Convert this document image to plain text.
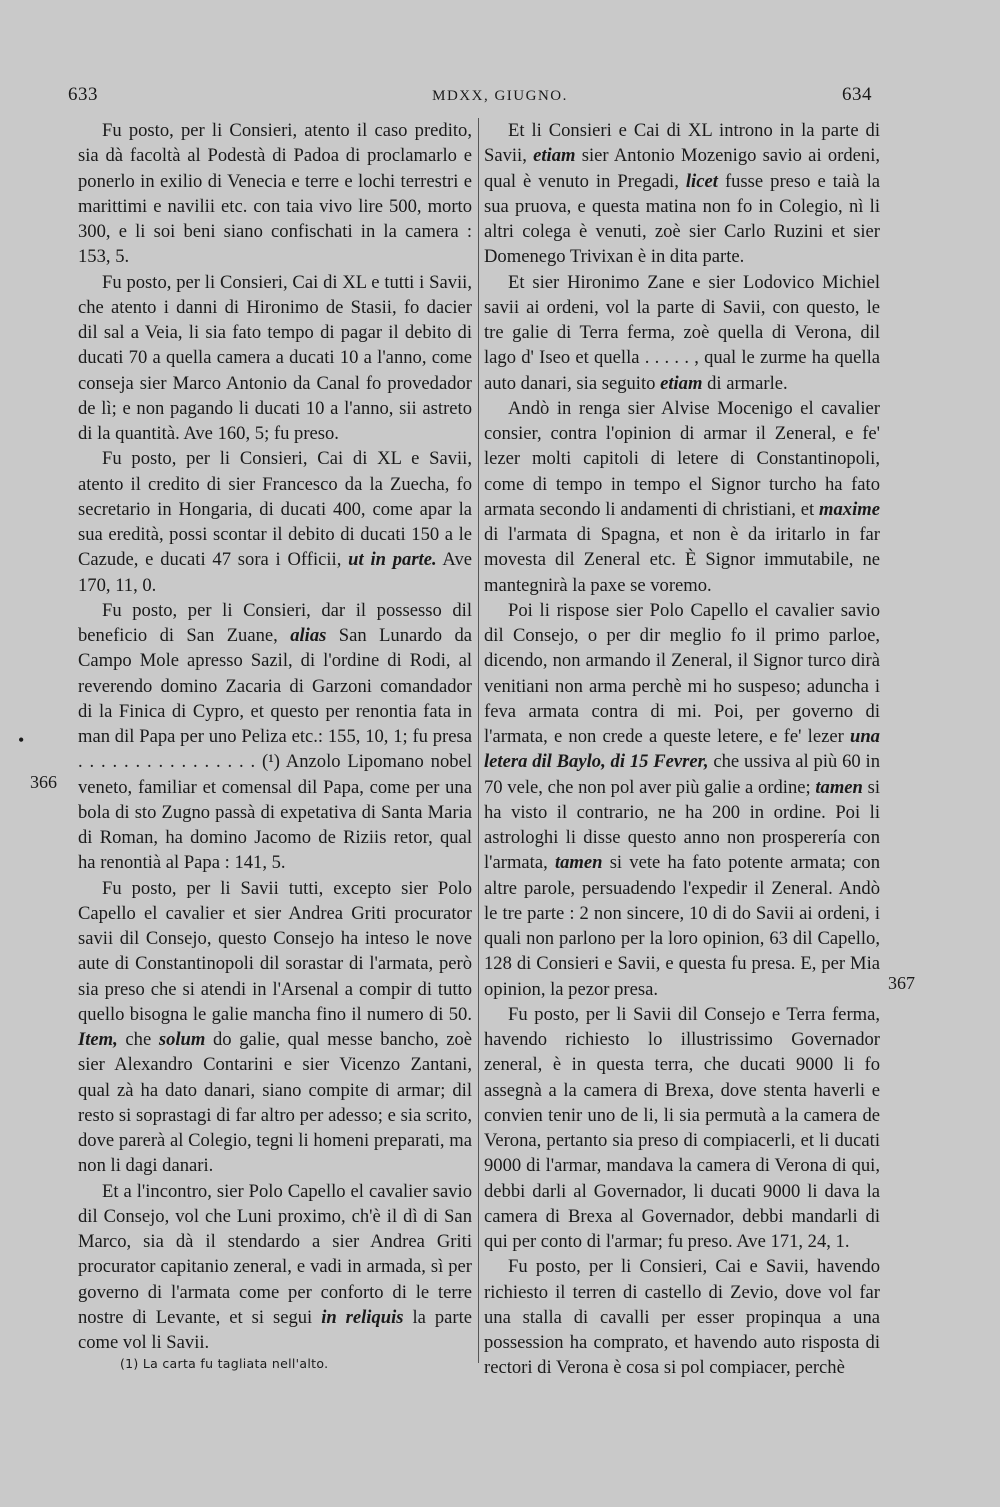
633	MDXX, GIUGNO.	634
•
366
367

Fu posto, per li Consieri, atento il caso predito, sia dà facoltà al Podestà di Padoa di proclamarlo e ponerlo in exilio di Venecia e terre e lochi terrestri e marittimi e navilii etc. con taia vivo lire 500, morto 300, e li soi beni siano confischati in la camera : 153, 5.

Fu posto, per li Consieri, Cai di XL e tutti i Savii, che atento i danni di Hironimo de Stasii, fo dacier dil sal a Veia, li sia fato tempo di pagar il debito di ducati 70 a quella camera a ducati 10 a l'anno, come conseja sier Marco Antonio da Canal fo provedador de lì; e non pagando li ducati 10 a l'anno, sii astreto di la quantità. Ave 160, 5; fu preso.

Fu posto, per li Consieri, Cai di XL e Savii, atento il credito di sier Francesco da la Zuecha, fo secretario in Hongaria, di ducati 400, come apar la sua eredità, possi scontar il debito di ducati 150 a le Cazude, e ducati 47 sora i Officii, ut in parte. Ave 170, 11, 0.

Fu posto, per li Consieri, dar il possesso dil beneficio di San Zuane, alias San Lunardo da Campo Mole apresso Sazil, di l'ordine di Rodi, al reverendo domino Zacaria di Garzoni comandador di la Finica di Cypro, et questo per renontia fata in man dil Papa per uno Peliza etc.: 155, 10, 1; fu presa . . . . . . . . . . . . . . . . (¹) Anzolo Lipomano nobel veneto, familiar et comensal dil Papa, come per una bola di sto Zugno passà di expetativa di Santa Maria di Roman, ha domino Jacomo de Riziis retor, qual ha renontià al Papa : 141, 5.

Fu posto, per li Savii tutti, excepto sier Polo Capello el cavalier et sier Andrea Griti procurator savii dil Consejo, questo Consejo ha inteso le nove aute di Constantinopoli dil sorastar di l'armata, però sia preso che si atendi in l'Arsenal a compir di tutto quello bisogna le galie mancha fino il numero di 50. Item, che solum do galie, qual messe bancho, zoè sier Alexandro Contarini e sier Vicenzo Zantani, qual zà ha dato danari, siano compite di armar; dil resto si soprastagi di far altro per adesso; e sia scrito, dove parerà al Colegio, tegni li homeni preparati, ma non li dagi danari.

Et a l'incontro, sier Polo Capello el cavalier savio dil Consejo, vol che Luni proximo, ch'è il dì di San Marco, sia dà il stendardo a sier Andrea Griti procurator capitanio zeneral, e vadi in armada, sì per governo di l'armata come per conforto di le terre nostre di Levante, et si segui in reliquis la parte come vol li Savii.

(1) La carta fu tagliata nell'alto.

Et li Consieri e Cai di XL introno in la parte di Savii, etiam sier Antonio Mozenigo savio ai ordeni, qual è venuto in Pregadi, licet fusse preso e taià la sua pruova, e questa matina non fo in Colegio, nì li altri colega è venuti, zoè sier Carlo Ruzini et sier Domenego Trivixan è in dita parte.

Et sier Hironimo Zane e sier Lodovico Michiel savii ai ordeni, vol la parte di Savii, con questo, le tre galie di Terra ferma, zoè quella di Verona, dil lago d' Iseo et quella . . . . . , qual le zurme ha quella auto danari, sia seguito etiam di armarle.

Andò in renga sier Alvise Mocenigo el cavalier consier, contra l'opinion di armar il Zeneral, e fe' lezer molti capitoli di letere di Constantinopoli, come di tempo in tempo el Signor turcho ha fato armata secondo li andamenti di christiani, et maxime di l'armata di Spagna, et non è da iritarlo in far movesta dil Zeneral etc. È Signor immutabile, ne mantegnirà la paxe se voremo.

Poi li rispose sier Polo Capello el cavalier savio dil Consejo, o per dir meglio fo il primo parloe, dicendo, non armando il Zeneral, il Signor turco dirà venitiani non arma perchè mi ho suspeso; adunchа i feva armata contra di mi. Poi, per governo di l'armata, e non crede a queste letere, e fe' lezer una letera dil Baylo, di 15 Fevrer, che ussiva al più 60 in 70 vele, che non pol aver più galie a ordine; tamen si ha visto il contrario, ne ha 200 in ordine. Poi li astrologhi li disse questo anno non prosperería con l'armata, tamen si vete ha fato potente armata; con altre parole, persuadendo l'expedir il Zeneral. Andò le tre parte : 2 non sincere, 10 di do Savii ai ordeni, i quali non parlono per la loro opinion, 63 dil Capello, 128 di Consieri e Savii, e questa fu presa. E, per Mia opinion, la pezor presa.

Fu posto, per li Savii dil Consejo e Terra ferma, havendo richiesto lo illustrissimo Governador zeneral, è in questa terra, che ducati 9000 li fo assegnà a la camera di Brexa, dove stenta haverli e convien tenir uno de li, li sia permutà a la camera de Verona, pertanto sia preso di compiacerli, et li ducati 9000 di l'armar, mandava la camera di Verona di qui, debbi darli al Governador, li ducati 9000 li dava la camera di Brexa al Governador, debbi mandarli di qui per conto di l'armar; fu preso. Ave 171, 24, 1.

Fu posto, per li Consieri, Cai e Savii, havendo richiesto il terren di castello di Zevio, dove vol far una stalla di cavalli per esser propinqua a una possession ha comprato, et havendo auto risposta di rectori di Verona è cosa si pol compiacer, perchè
